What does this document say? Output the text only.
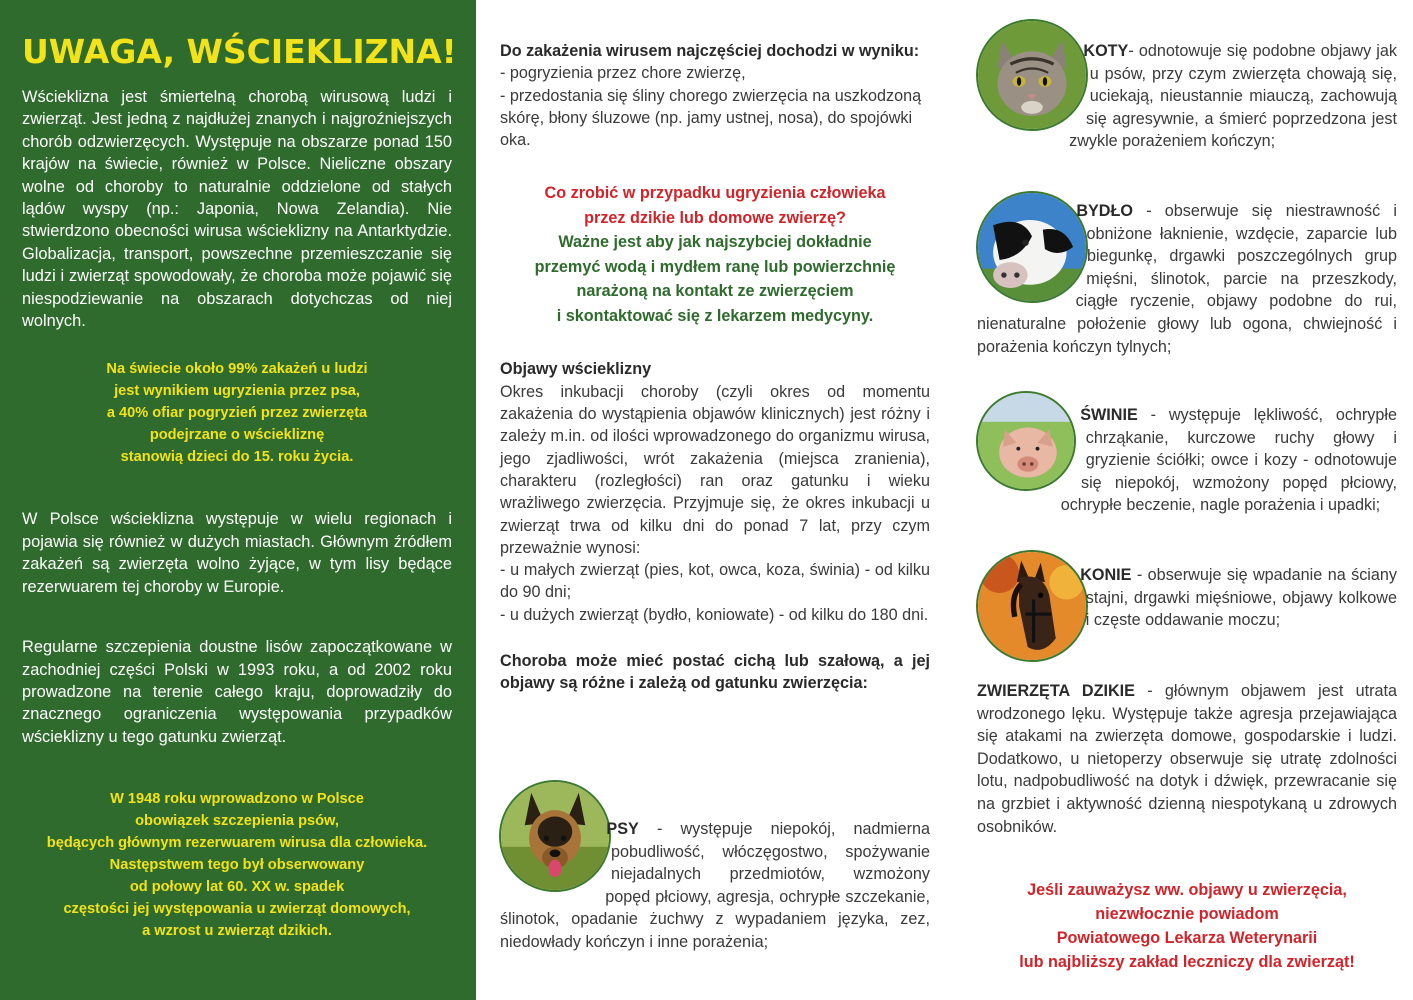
UWAGA, WŚCIEKLIZNA!

Wścieklizna jest śmiertelną chorobą wirusową ludzi i zwierząt. Jest jedną z najdłużej znanych i najgroźniejszych chorób odzwierzęcych. Występuje na obszarze ponad 150 krajów na świecie, również w Polsce. Nieliczne obszary wolne od choroby to naturalnie oddzielone od stałych lądów wyspy (np.: Japonia, Nowa Zelandia). Nie stwierdzono obecności wirusa wścieklizny na Antarktydzie. Globalizacja, transport, powszechne przemieszczanie się ludzi i zwierząt spowodowały, że choroba może pojawić się niespodziewanie na obszarach dotychczas od niej wolnych.

Na świecie około 99% zakażeń u ludzi
jest wynikiem ugryzienia przez psa,
a 40% ofiar pogryzień przez zwierzęta
podejrzane o wściekliznę
stanowią dzieci do 15. roku życia.

W Polsce wścieklizna występuje w wielu regionach i pojawia się również w dużych miastach. Głównym źródłem zakażeń są zwierzęta wolno żyjące, w tym lisy będące rezerwuarem tej choroby w Europie.

Regularne szczepienia doustne lisów zapoczątkowane w zachodniej części Polski w 1993 roku, a od 2002 roku prowadzone na terenie całego kraju, doprowadziły do znacznego ograniczenia występowania przypadków wścieklizny u tego gatunku zwierząt.

W 1948 roku wprowadzono w Polsce
obowiązek szczepienia psów,
będących głównym rezerwuarem wirusa dla człowieka.
Następstwem tego był obserwowany
od połowy lat 60. XX w. spadek
częstości jej występowania u zwierząt domowych,
a wzrost u zwierząt dzikich.

Do zakażenia wirusem najczęściej dochodzi w wyniku:

- pogryzienia przez chore zwierzę,

- przedostania się śliny chorego zwierzęcia na uszkodzoną skórę, błony śluzowe (np. jamy ustnej, nosa), do spojówki oka.

Co zrobić w przypadku ugryzienia człowieka
przez dzikie lub domowe zwierzę?
Ważne jest aby jak najszybciej dokładnie
przemyć wodą i mydłem ranę lub powierzchnię
narażoną na kontakt ze zwierzęciem
i skontaktować się z lekarzem medycyny.

Objawy wścieklizny

Okres inkubacji choroby (czyli okres od momentu zakażenia do wystąpienia objawów klinicznych) jest różny i zależy m.in. od ilości wprowadzonego do organizmu wirusa, jego zjadliwości, wrót zakażenia (miejsca zranienia), charakteru (rozległości) ran oraz gatunku i wieku wrażliwego zwierzęcia. Przyjmuje się, że okres inkubacji u zwierząt trwa od kilku dni do ponad 7 lat, przy czym przeważnie wynosi:

- u małych zwierząt (pies, kot, owca, koza, świnia) - od kilku do 90 dni;

- u dużych zwierząt (bydło, koniowate) - od kilku do 180 dni.

Choroba może mieć postać cichą lub szałową, a jej objawy są różne i zależą od gatunku zwierzęcia:

PSY - występuje niepokój, nadmierna pobudliwość, włóczęgostwo, spożywanie niejadalnych przedmiotów, wzmożony popęd płciowy, agresja, ochrypłe szczekanie, ślinotok, opadanie żuchwy z wypadaniem języka, zez, niedowłady kończyn i inne porażenia;
KOTY- odnotowuje się podobne objawy jak u psów, przy czym zwierzęta chowają się, uciekają, nieustannie miauczą, zachowują się agresywnie, a śmierć poprzedzona jest zwykle porażeniem kończyn;
BYDŁO - obserwuje się niestrawność i obniżone łaknienie, wzdęcie, zaparcie lub biegunkę, drgawki poszczególnych grup mięśni, ślinotok, parcie na przeszkody, ciągłe ryczenie, objawy podobne do rui, nienaturalne położenie głowy lub ogona, chwiejność i porażenia kończyn tylnych;
ŚWINIE - występuje lękliwość, ochrypłe chrząkanie, kurczowe ruchy głowy i gryzienie ściółki; owce i kozy - odnotowuje się niepokój, wzmożony popęd płciowy, ochrypłe beczenie, nagle porażenia i upadki;
KONIE - obserwuje się wpadanie na ściany stajni, drgawki mięśniowe, objawy kolkowe i częste oddawanie moczu;
ZWIERZĘTA DZIKIE - głównym objawem jest utrata wrodzonego lęku. Występuje także agresja przejawiająca się atakami na zwierzęta domowe, gospodarskie i ludzi. Dodatkowo, u nietoperzy obserwuje się utratę zdolności lotu, nadpobudliwość na dotyk i dźwięk, przewracanie się na grzbiet i aktywność dzienną niespotykaną u zdrowych osobników.
Jeśli zauważysz ww. objawy u zwierzęcia,
niezwłocznie powiadom
Powiatowego Lekarza Weterynarii
lub najbliższy zakład leczniczy dla zwierząt!
